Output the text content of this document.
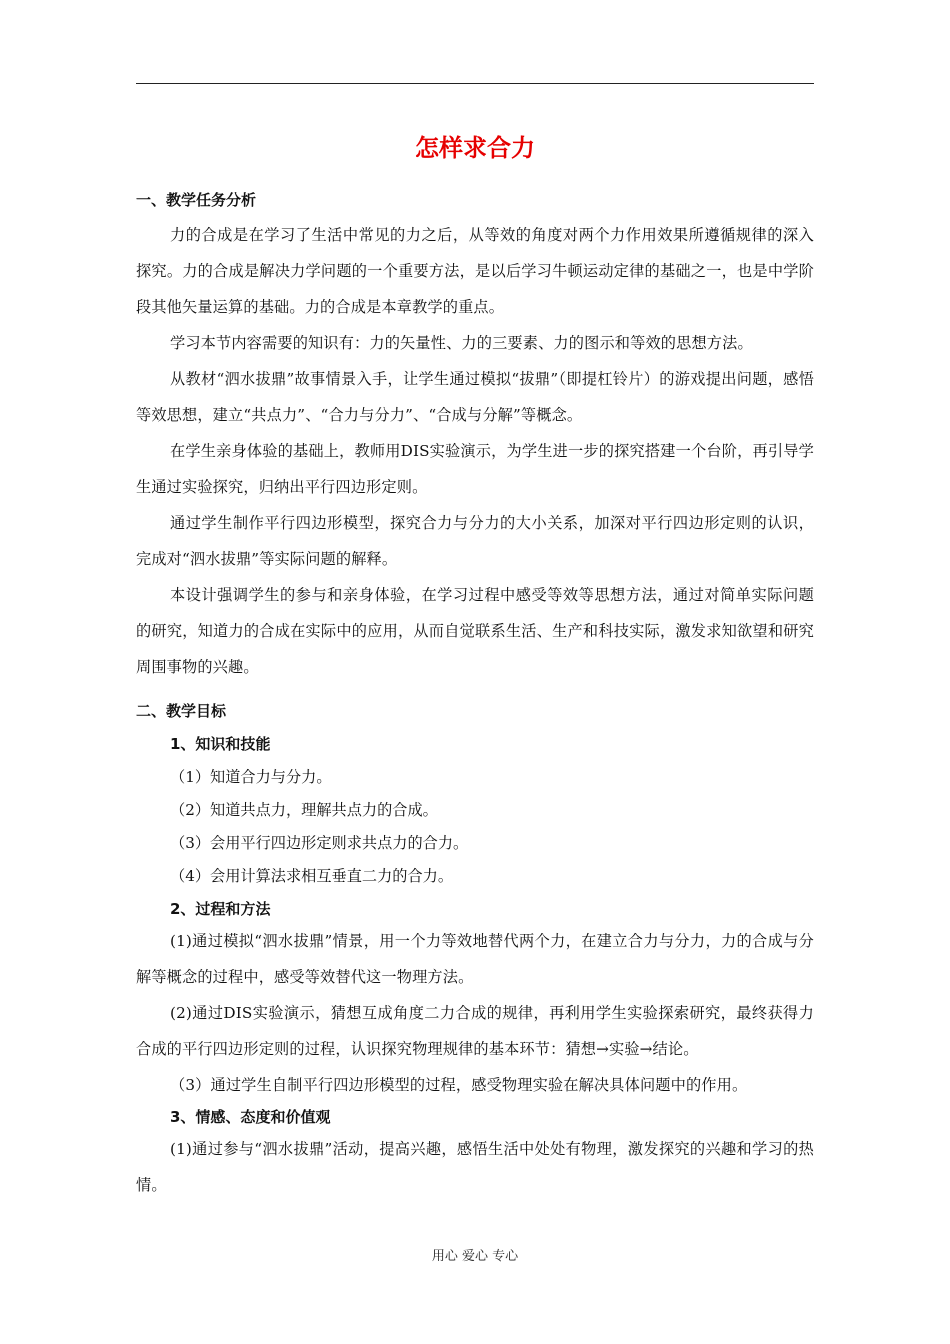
怎样求合力
一、教学任务分析

力的合成是在学习了生活中常见的力之后，从等效的角度对两个力作用效果所遵循规律的深入探究。力的合成是解决力学问题的一个重要方法，是以后学习牛顿运动定律的基础之一，也是中学阶段其他矢量运算的基础。力的合成是本章教学的重点。

学习本节内容需要的知识有：力的矢量性、力的三要素、力的图示和等效的思想方法。

从教材“泗水拔鼎”故事情景入手，让学生通过模拟“拔鼎”（即提杠铃片）的游戏提出问题，感悟等效思想，建立“共点力”、“合力与分力”、“合成与分解”等概念。

在学生亲身体验的基础上，教师用DIS实验演示，为学生进一步的探究搭建一个台阶，再引导学生通过实验探究，归纳出平行四边形定则。

通过学生制作平行四边形模型，探究合力与分力的大小关系，加深对平行四边形定则的认识，完成对“泗水拔鼎”等实际问题的解释。

本设计强调学生的参与和亲身体验，在学习过程中感受等效等思想方法，通过对简单实际问题的研究，知道力的合成在实际中的应用，从而自觉联系生活、生产和科技实际，激发求知欲望和研究周围事物的兴趣。

二、教学目标
1、知识和技能
（1）知道合力与分力。
（2）知道共点力，理解共点力的合成。
（3）会用平行四边形定则求共点力的合力。
（4）会用计算法求相互垂直二力的合力。
2、过程和方法

(1)通过模拟“泗水拔鼎”情景，用一个力等效地替代两个力，在建立合力与分力，力的合成与分解等概念的过程中，感受等效替代这一物理方法。

(2)通过DIS实验演示，猜想互成角度二力合成的规律，再利用学生实验探索研究，最终获得力合成的平行四边形定则的过程，认识探究物理规律的基本环节：猜想→实验→结论。

（3）通过学生自制平行四边形模型的过程，感受物理实验在解决具体问题中的作用。

3、情感、态度和价值观

(1)通过参与“泗水拔鼎”活动，提高兴趣，感悟生活中处处有物理，激发探究的兴趣和学习的热情。

用心 爱心 专心
